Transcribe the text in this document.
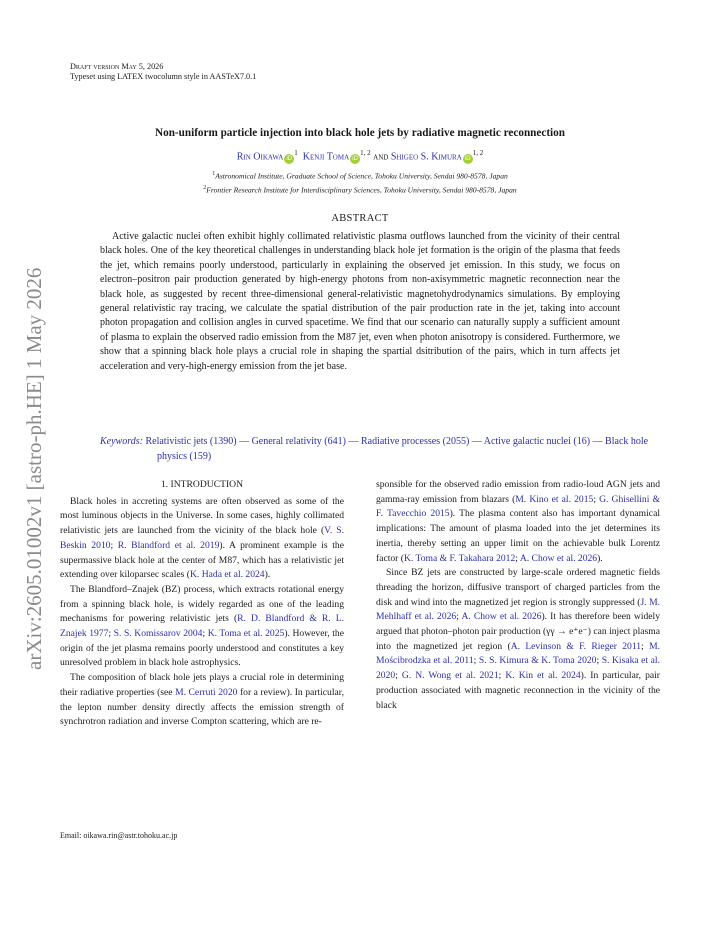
arXiv:2605.01002v1 [astro-ph.HE] 1 May 2026
Draft version May 5, 2026
Typeset using LATEX twocolumn style in AASTeX7.0.1
Non-uniform particle injection into black hole jets by radiative magnetic reconnection
Rin Oikawa $iD^1$ Kenji Toma iD$^{1, 2}$ and Shigeo S. Kimura iD$^{1, 2}$
$^1$Astronomical Institute, Graduate School of Science, Tohoku University, Sendai 980-8578, Japan
$^2$Frontier Research Institute for Interdisciplinary Sciences, Tohoku University, Sendai 980-8578, Japan
ABSTRACT
Active galactic nuclei often exhibit highly collimated relativistic plasma outflows launched from the vicinity of their central black holes. One of the key theoretical challenges in understanding black hole jet formation is the origin of the plasma that feeds the jet, which remains poorly understood, particularly in explaining the observed jet emission. In this study, we focus on electron–positron pair production generated by high-energy photons from non-axisymmetric magnetic reconnection near the black hole, as suggested by recent three-dimensional general-relativistic magnetohydrodynamics simulations. By employing general relativistic ray tracing, we calculate the spatial distribution of the pair production rate in the jet, taking into account photon propagation and collision angles in curved spacetime. We find that our scenario can naturally supply a sufficient amount of plasma to explain the observed radio emission from the M87 jet, even when photon anisotropy is considered. Furthermore, we show that a spinning black hole plays a crucial role in shaping the spartial dsitribution of the pairs, which in turn affects jet acceleration and very-high-energy emission from the jet base.
Keywords: Relativistic jets (1390) — General relativity (641) — Radiative processes (2055) — Active galactic nuclei (16) — Black hole physics (159)

1. INTRODUCTION

Black holes in accreting systems are often observed as some of the most luminous objects in the Universe. In some cases, highly collimated relativistic jets are launched from the vicinity of the black hole (V. S. Beskin 2010; R. Blandford et al. 2019). A prominent example is the supermassive black hole at the center of M87, which has a relativistic jet extending over kiloparsec scales (K. Hada et al. 2024).

The Blandford–Znajek (BZ) process, which extracts rotational energy from a spinning black hole, is widely regarded as one of the leading mechanisms for powering relativistic jets (R. D. Blandford & R. L. Znajek 1977; S. S. Komissarov 2004; K. Toma et al. 2025). However, the origin of the jet plasma remains poorly understood and constitutes a key unresolved problem in black hole astrophysics.

The composition of black hole jets plays a crucial role in determining their radiative properties (see M. Cerruti 2020 for a review). In particular, the lepton number density directly affects the emission strength of synchrotron radiation and inverse Compton scattering, which are re-

sponsible for the observed radio emission from radio-loud AGN jets and gamma-ray emission from blazars (M. Kino et al. 2015; G. Ghisellini & F. Tavecchio 2015). The plasma content also has important dynamical implications: The amount of plasma loaded into the jet determines its inertia, thereby setting an upper limit on the achievable bulk Lorentz factor (K. Toma & F. Takahara 2012; A. Chow et al. 2026).

Since BZ jets are constructed by large-scale ordered magnetic fields threading the horizon, diffusive transport of charged particles from the disk and wind into the magnetized jet region is strongly suppressed (J. M. Mehlhaff et al. 2026; A. Chow et al. 2026). It has therefore been widely argued that photon–photon pair production (γγ → e⁺e⁻) can inject plasma into the magnetized jet region (A. Levinson & F. Rieger 2011; M. Mościbrodzka et al. 2011; S. S. Kimura & K. Toma 2020; S. Kisaka et al. 2020; G. N. Wong et al. 2021; K. Kin et al. 2024). In particular, pair production associated with magnetic reconnection in the vicinity of the black

Email: oikawa.rin@astr.tohoku.ac.jp
